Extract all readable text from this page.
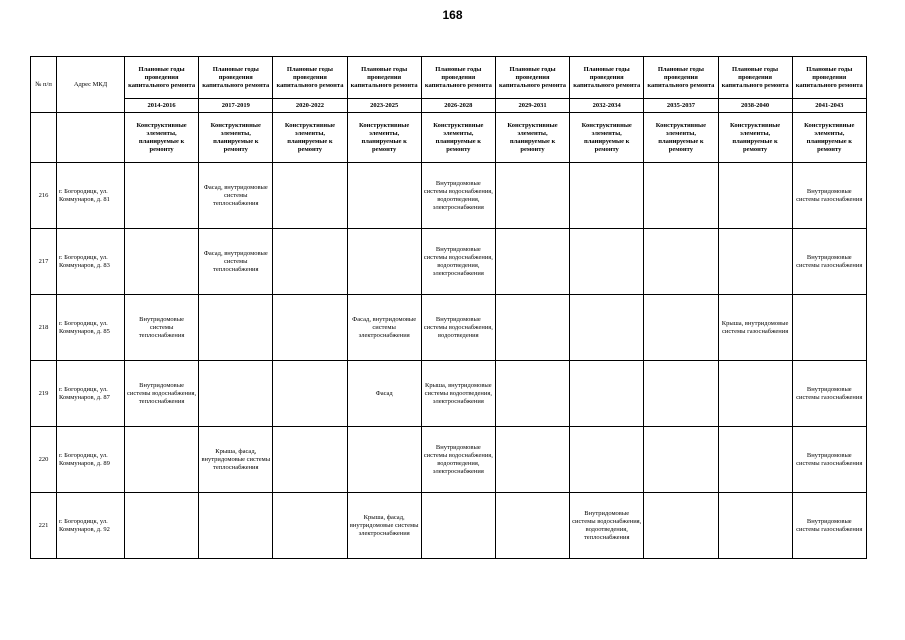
168
№ п/п	Адрес МКД	Плановые годы проведения капитального ремонта	Плановые годы проведения капитального ремонта	Плановые годы проведения капитального ремонта	Плановые годы проведения капитального ремонта	Плановые годы проведения капитального ремонта	Плановые годы проведения капитального ремонта	Плановые годы проведения капитального ремонта	Плановые годы проведения капитального ремонта	Плановые годы проведения капитального ремонта	Плановые годы проведения капитального ремонта
		2014-2016	2017-2019	2020-2022	2023-2025	2026-2028	2029-2031	2032-2034	2035-2037	2038-2040	2041-2043
		Конструктивные элементы, планируемые к ремонту	Конструктивные элементы, планируемые к ремонту	Конструктивные элементы, планируемые к ремонту	Конструктивные элементы, планируемые к ремонту	Конструктивные элементы, планируемые к ремонту	Конструктивные элементы, планируемые к ремонту	Конструктивные элементы, планируемые к ремонту	Конструктивные элементы, планируемые к ремонту	Конструктивные элементы, планируемые к ремонту	Конструктивные элементы, планируемые к ремонту
216	г. Богородицк, ул. Коммунаров, д. 81		Фасад, внутридомовые системы теплоснабжения			Внутридомовые системы водоснабжения, водоотведения, электроснабжения					Внутридомовые системы газоснабжения
217	г. Богородицк, ул. Коммунаров, д. 83		Фасад, внутридомовые системы теплоснабжения			Внутридомовые системы водоснабжения, водоотведения, электроснабжения					Внутридомовые системы газоснабжения
218	г. Богородицк, ул. Коммунаров, д. 85	Внутридомовые системы теплоснабжения			Фасад, внутридомовые системы электроснабжения	Внутридомовые системы водоснабжения, водоотведения				Крыша, внутридомовые системы газоснабжения	
219	г. Богородицк, ул. Коммунаров, д. 87	Внутридомовые системы водоснабжения, теплоснабжения			Фасад	Крыша, внутридомовые системы водоотведения, электроснабжения					Внутридомовые системы газоснабжения
220	г. Богородицк, ул. Коммунаров, д. 89		Крыша, фасад, внутридомовые системы теплоснабжения			Внутридомовые системы водоснабжения, водоотведения, электроснабжения					Внутридомовые системы газоснабжения
221	г. Богородицк, ул. Коммунаров, д. 92				Крыша, фасад, внутридомовые системы электроснабжения			Внутридомовые системы водоснабжения, водоотведения, теплоснабжения			Внутридомовые системы газоснабжения
